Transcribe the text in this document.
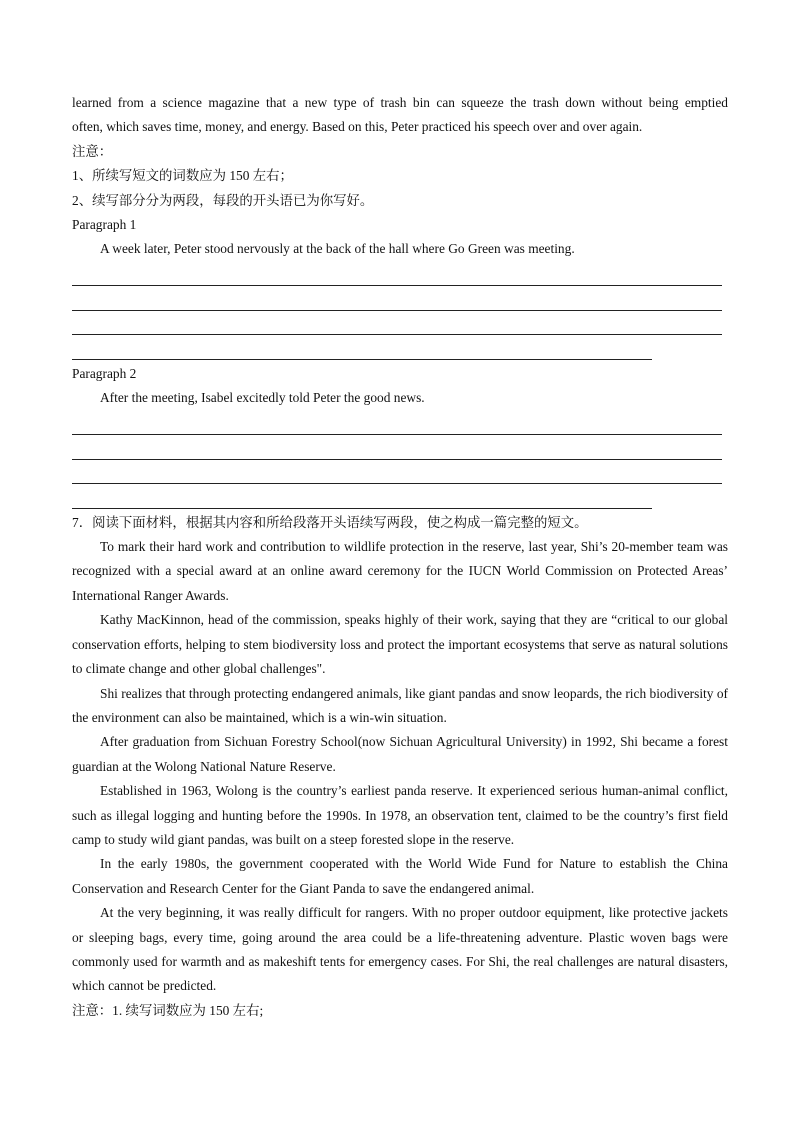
learned from a science magazine that a new type of trash bin can squeeze the trash down without being emptied

often, which saves time, money, and energy. Based on this, Peter practiced his speech over and over again.

注意：

1、所续写短文的词数应为 150 左右；

2、续写部分分为两段，每段的开头语已为你写好。

Paragraph 1

A week later, Peter stood nervously at the back of the hall where Go Green was meeting.

Paragraph 2

After the meeting, Isabel excitedly told Peter the good news.

7．阅读下面材料，根据其内容和所给段落开头语续写两段，使之构成一篇完整的短文。

To mark their hard work and contribution to wildlife protection in the reserve, last year, Shi’s 20-member team was recognized with a special award at an online award ceremony for the IUCN World Commission on Protected Areas’ International Ranger Awards.

Kathy MacKinnon, head of the commission, speaks highly of their work, saying that they are “critical to our global conservation efforts, helping to stem biodiversity loss and protect the important ecosystems that serve as natural solutions to climate change and other global challenges".

Shi realizes that through protecting endangered animals, like giant pandas and snow leopards, the rich biodiversity of the environment can also be maintained, which is a win-win situation.

After graduation from Sichuan Forestry School(now Sichuan Agricultural University) in 1992, Shi became a forest guardian at the Wolong National Nature Reserve.

Established in 1963, Wolong is the country’s earliest panda reserve. It experienced serious human-animal conflict, such as illegal logging and hunting before the 1990s. In 1978, an observation tent, claimed to be the country’s first field camp to study wild giant pandas, was built on a steep forested slope in the reserve.

In the early 1980s, the government cooperated with the World Wide Fund for Nature to establish the China Conservation and Research Center for the Giant Panda to save the endangered animal.

At the very beginning, it was really difficult for rangers. With no proper outdoor equipment, like protective jackets or sleeping bags, every time, going around the area could be a life-threatening adventure. Plastic woven bags were commonly used for warmth and as makeshift tents for emergency cases. For Shi, the real challenges are natural disasters, which cannot be predicted.

注意：1. 续写词数应为 150 左右;
